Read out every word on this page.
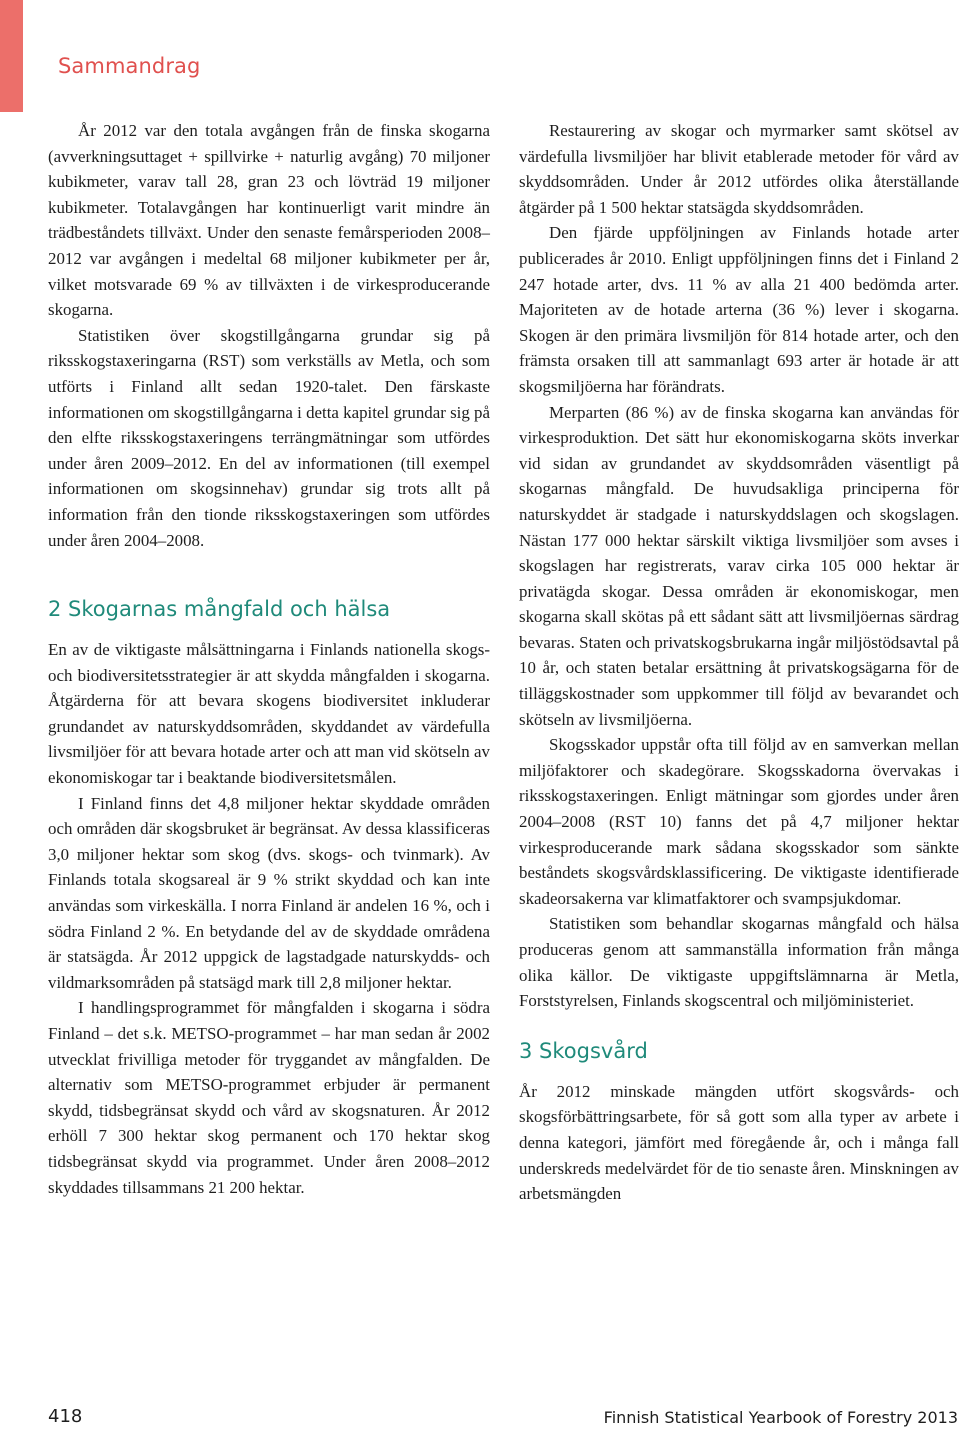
Sammandrag

År 2012 var den totala avgången från de finska skogarna (avverkningsuttaget + spillvirke + naturlig avgång) 70 miljoner kubikmeter, varav tall 28, gran 23 och lövträd 19 miljoner kubikmeter. Totalavgången har kontinuerligt varit mindre än trädbeståndets tillväxt. Under den senaste femårsperioden 2008–2012 var avgången i medeltal 68 miljoner kubikmeter per år, vilket motsvarade 69 % av tillväxten i de virkesproducerande skogarna.

Statistiken över skogstillgångarna grundar sig på riksskogstaxeringarna (RST) som verkställs av Metla, och som utförts i Finland allt sedan 1920-talet. Den färskaste informationen om skogstillgångarna i detta kapitel grundar sig på den elfte riksskogstaxeringens terrängmätningar som utfördes under åren 2009–2012. En del av informationen (till exempel informationen om skogsinnehav) grundar sig trots allt på information från den tionde riksskogstaxeringen som utfördes under åren 2004–2008.

2 Skogarnas mångfald och hälsa

En av de viktigaste målsättningarna i Finlands nationella skogs- och biodiversitetsstrategier är att skydda mångfalden i skogarna. Åtgärderna för att bevara skogens biodiversitet inkluderar grundandet av naturskyddsområden, skyddandet av värdefulla livsmiljöer för att bevara hotade arter och att man vid skötseln av ekonomiskogar tar i beaktande biodiversitetsmålen.

I Finland finns det 4,8 miljoner hektar skyddade områden och områden där skogsbruket är begränsat. Av dessa klassificeras 3,0 miljoner hektar som skog (dvs. skogs- och tvinmark). Av Finlands totala skogsareal är 9 % strikt skyddad och kan inte användas som virkeskälla. I norra Finland är andelen 16 %, och i södra Finland 2 %. En betydande del av de skyddade områdena är statsägda. År 2012 uppgick de lagstadgade naturskydds- och vildmarksområden på statsägd mark till 2,8 miljoner hektar.

I handlingsprogrammet för mångfalden i skogarna i södra Finland – det s.k. METSO-programmet – har man sedan år 2002 utvecklat frivilliga metoder för tryggandet av mångfalden. De alternativ som METSO-programmet erbjuder är permanent skydd, tidsbegränsat skydd och vård av skogsnaturen. År 2012 erhöll 7 300 hektar skog permanent och 170 hektar skog tidsbegränsat skydd via programmet. Under åren 2008–2012 skyddades tillsammans 21 200 hektar.

Restaurering av skogar och myrmarker samt skötsel av värdefulla livsmiljöer har blivit etablerade metoder för vård av skyddsområden. Under år 2012 utfördes olika återställande åtgärder på 1 500 hektar statsägda skyddsområden.

Den fjärde uppföljningen av Finlands hotade arter publicerades år 2010. Enligt uppföljningen finns det i Finland 2 247 hotade arter, dvs. 11 % av alla 21 400 bedömda arter. Majoriteten av de hotade arterna (36 %) lever i skogarna. Skogen är den primära livsmiljön för 814 hotade arter, och den främsta orsaken till att sammanlagt 693 arter är hotade är att skogsmiljöerna har förändrats.

Merparten (86 %) av de finska skogarna kan användas för virkesproduktion. Det sätt hur ekonomiskogarna sköts inverkar vid sidan av grundandet av skyddsområden väsentligt på skogarnas mångfald. De huvudsakliga principerna för naturskyddet är stadgade i naturskyddslagen och skogslagen. Nästan 177 000 hektar särskilt viktiga livsmiljöer som avses i skogslagen har registrerats, varav cirka 105 000 hektar är privatägda skogar. Dessa områden är ekonomiskogar, men skogarna skall skötas på ett sådant sätt att livsmiljöernas särdrag bevaras. Staten och privatskogsbrukarna ingår miljöstödsavtal på 10 år, och staten betalar ersättning åt privatskogsägarna för de tilläggskostnader som uppkommer till följd av bevarandet och skötseln av livsmiljöerna.

Skogsskador uppstår ofta till följd av en samverkan mellan miljöfaktorer och skadegörare. Skogsskadorna övervakas i riksskogstaxeringen. Enligt mätningar som gjordes under åren 2004–2008 (RST 10) fanns det på 4,7 miljoner hektar virkesproducerande mark sådana skogsskador som sänkte beståndets skogsvårdsklassificering. De viktigaste identifierade skadeorsakerna var klimatfaktorer och svampsjukdomar.

Statistiken som behandlar skogarnas mångfald och hälsa produceras genom att sammanställa information från många olika källor. De viktigaste uppgiftslämnarna är Metla, Forststyrelsen, Finlands skogscentral och miljöministeriet.

3 Skogsvård

År 2012 minskade mängden utfört skogsvårds- och skogsförbättringsarbete, för så gott som alla typer av arbete i denna kategori, jämfört med föregående år, och i många fall underskreds medelvärdet för de tio senaste åren. Minskningen av arbetsmängden

418	Finnish Statistical Yearbook of Forestry 2013
